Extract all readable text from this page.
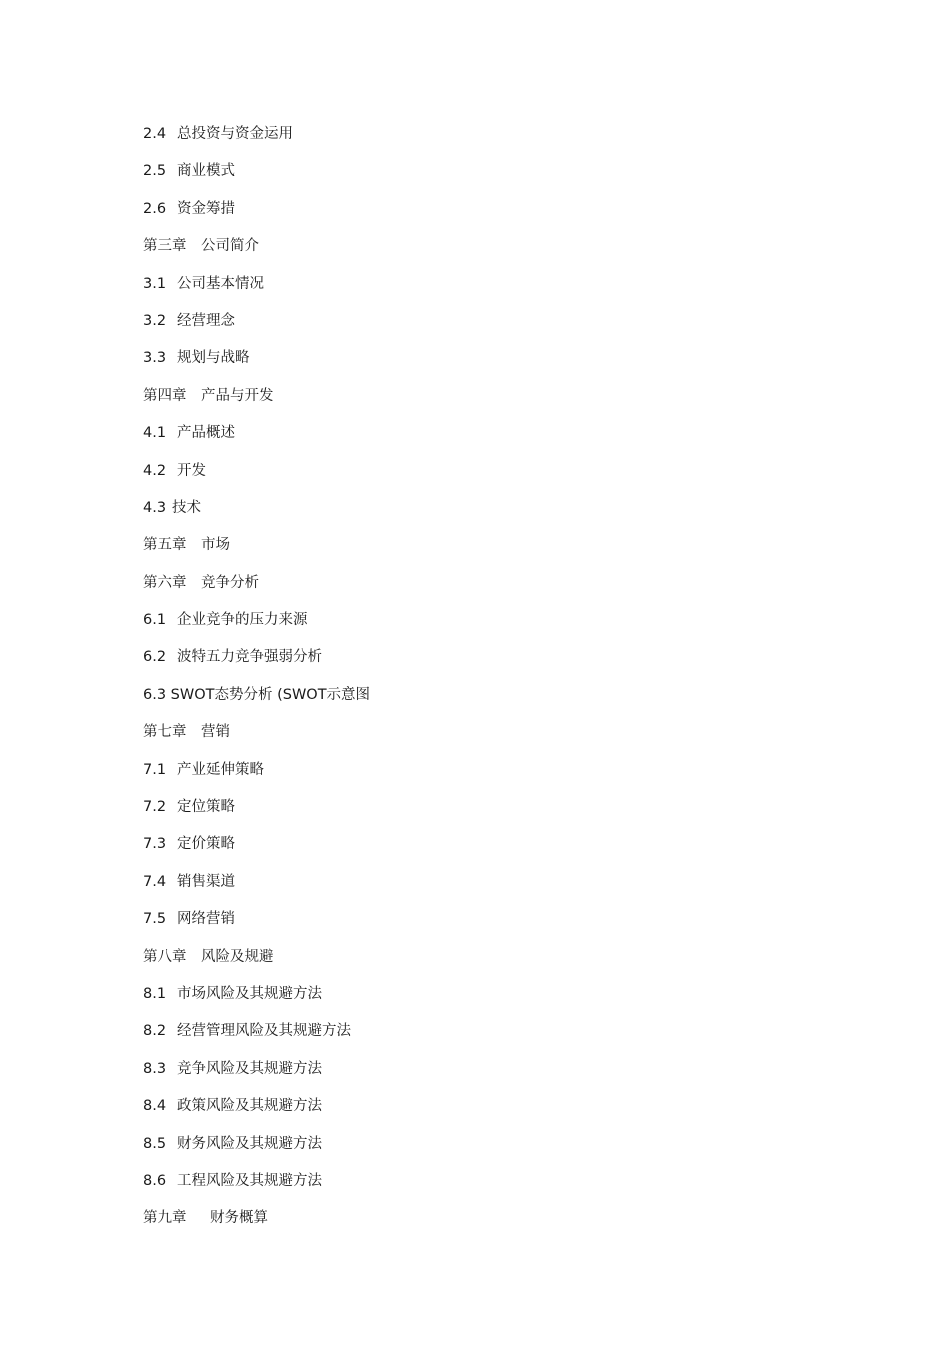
2.4 总投资与资金运用
2.5 商业模式
2.6 资金筹措
第三章 公司简介
3.1 公司基本情况
3.2 经营理念
3.3 规划与战略
第四章 产品与开发
4.1 产品概述
4.2 开发
4.3 技术
第五章 市场
第六章 竞争分析
6.1 企业竞争的压力来源
6.2 波特五力竞争强弱分析
6.3 SWOT态势分析 (SWOT示意图
第七章 营销
7.1 产业延伸策略
7.2 定位策略
7.3 定价策略
7.4 销售渠道
7.5 网络营销
第八章 风险及规避
8.1 市场风险及其规避方法
8.2 经营管理风险及其规避方法
8.3 竞争风险及其规避方法
8.4 政策风险及其规避方法
8.5 财务风险及其规避方法
8.6 工程风险及其规避方法
第九章 财务概算
